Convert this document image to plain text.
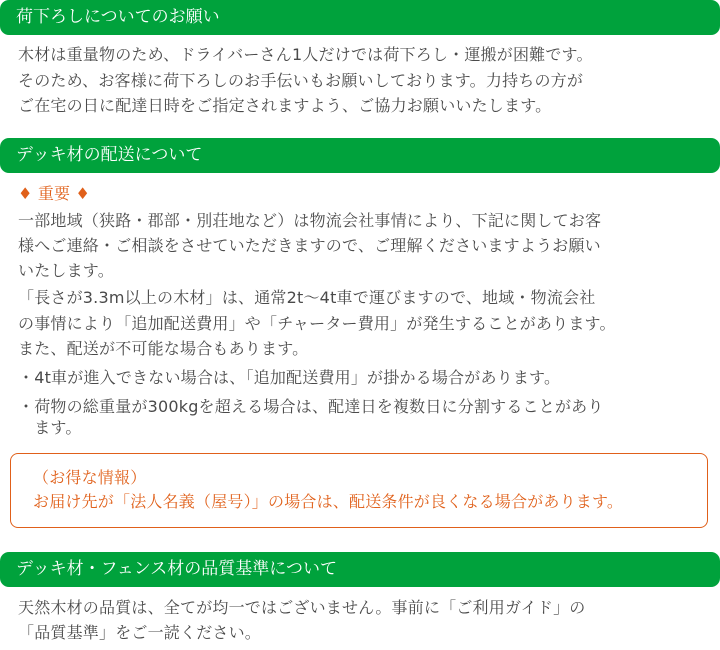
荷下ろしについてのお願い
木材は重量物のため、ドライバーさん1人だけでは荷下ろし・運搬が困難です。
そのため、お客様に荷下ろしのお手伝いもお願いしております。力持ちの方が
ご在宅の日に配達日時をご指定されますよう、ご協力お願いいたします。
デッキ材の配送について
♦ 重要 ♦
一部地域（狭路・郡部・別荘地など）は物流会社事情により、下記に関してお客
様へご連絡・ご相談をさせていただきますので、ご理解くださいますようお願い
いたします。
「長さが3.3m以上の木材」は、通常2t〜4t車で運びますので、地域・物流会社
の事情により「追加配送費用」や「チャーター費用」が発生することがあります。
また、配送が不可能な場合もあります。
・4t車が進入できない場合は、「追加配送費用」が掛かる場合があります。
・荷物の総重量が300kgを超える場合は、配達日を複数日に分割することがあり
　ます。
（お得な情報）
お届け先が「法人名義（屋号）」の場合は、配送条件が良くなる場合があります。
デッキ材・フェンス材の品質基準について
天然木材の品質は、全てが均一ではございません。事前に「ご利用ガイド」の
「品質基準」をご一読ください。
